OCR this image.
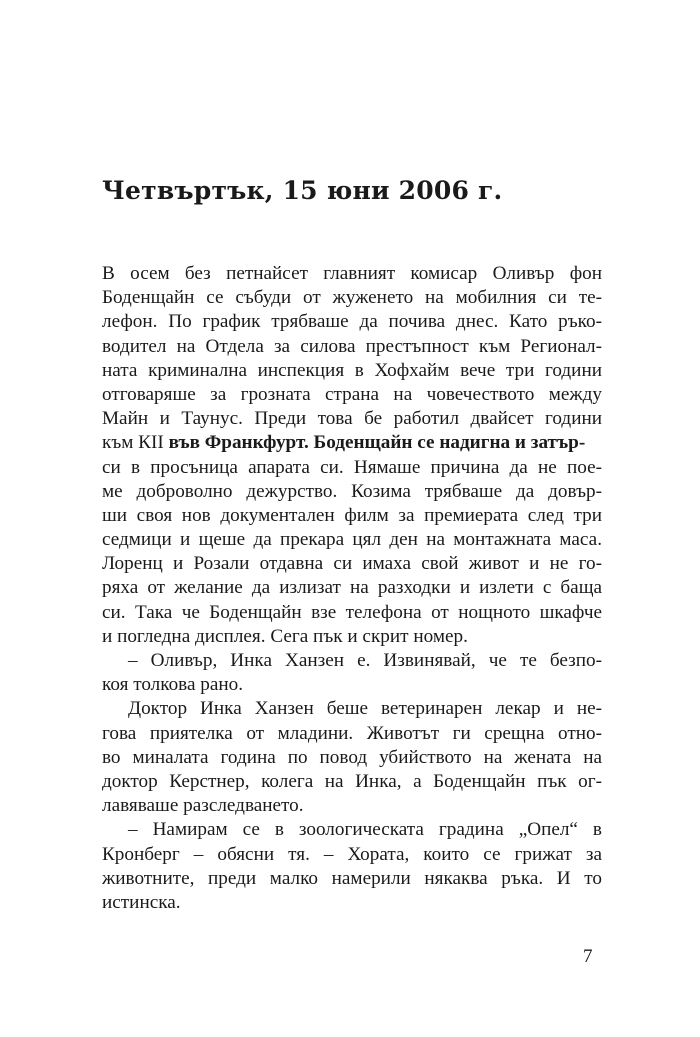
Четвъртък, 15 юни 2006 г.
В осем без петнайсет главният комисар Оливър фон
Боденщайн се събуди от жуженето на мобилния си те-
лефон. По график трябваше да почива днес. Като ръко-
водител на Отдела за силова престъпност към Регионал-
ната криминална инспекция в Хофхайм вече три години
отговаряше за грозната страна на човечеството между
Майн и Таунус. Преди това бе работил двайсет години
към КII във Франкфурт. Боденщайн се надигна и затър-
си в просъница апарата си. Нямаше причина да не пое-
ме доброволно дежурство. Козима трябваше да довър-
ши своя нов документален филм за премиерата след три
седмици и щеше да прекара цял ден на монтажната маса.
Лоренц и Розали отдавна си имаха свой живот и не го-
ряха от желание да излизат на разходки и излети с баща
си. Така че Боденщайн взе телефона от нощното шкафче
и погледна дисплея. Сега пък и скрит номер.
– Оливър, Инка Ханзен е. Извинявай, че те безпо-
коя толкова рано.
Доктор Инка Ханзен беше ветеринарен лекар и не-
гова приятелка от младини. Животът ги срещна отно-
во миналата година по повод убийството на жената на
доктор Керстнер, колега на Инка, а Боденщайн пък ог-
лавяваше разследването.
– Намирам се в зоологическата градина „Опел“ в
Кронберг – обясни тя. – Хората, които се грижат за
животните, преди малко намерили някаква ръка. И то
истинска.
7
